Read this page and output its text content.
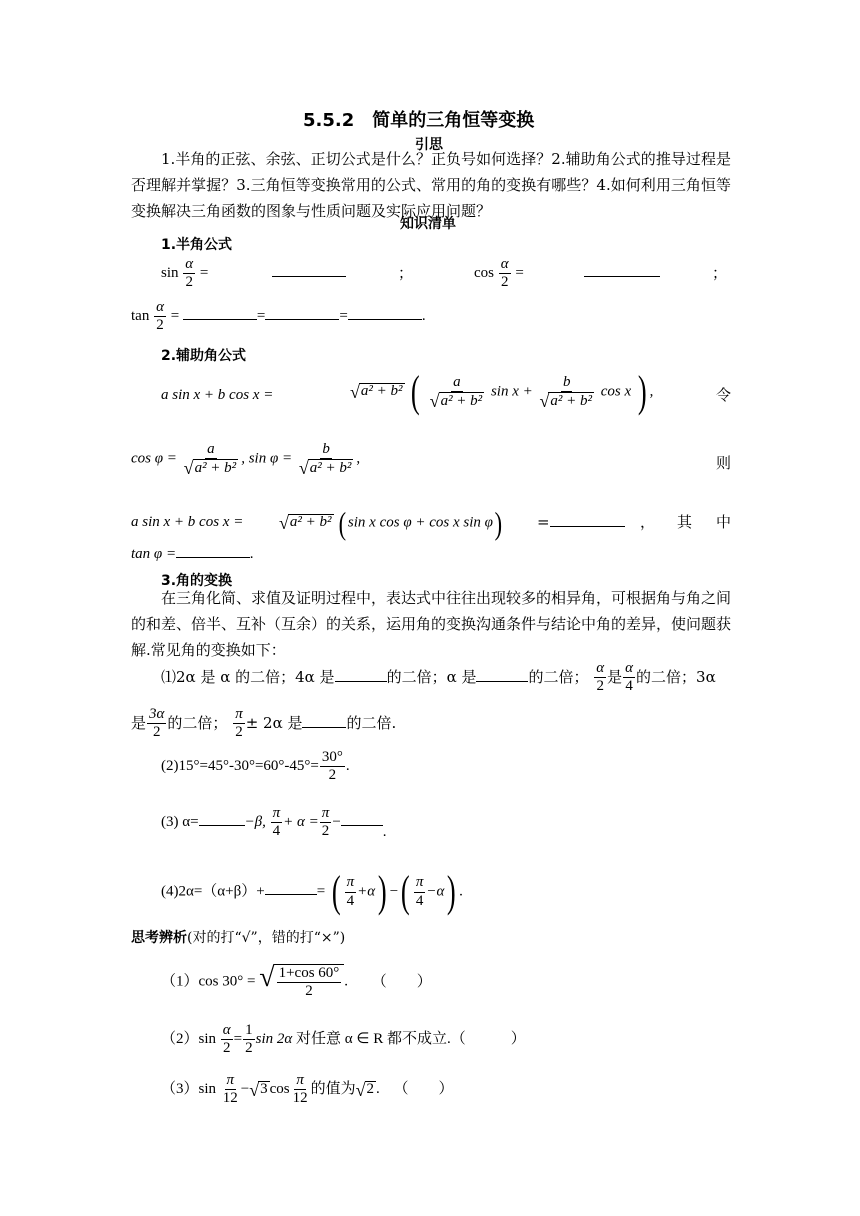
5.5.2　简单的三角恒等变换
引思
1.半角的正弦、余弦、正切公式是什么？正负号如何选择？2.辅助角公式的推导过程是否理解并掌握？3.三角恒等变换常用的公式、常用的角的变换有哪些？4.如何利用三角恒等变换解决三角函数的图象与性质问题及实际应用问题？
知识清单
1.半角公式
$\sin \frac{\alpha}{2}$ =	；	$\cos \frac{\alpha}{2}$ =	；
$\tan \frac{\alpha}{2}$ =	=	=	.
2.辅助角公式
a sin x + b cos x =	√ a² + b² ( $\frac{a}{\text{√ a² + b²}}$ $\sin x + \frac{b}{\text{√ a² + b²}}$ cos x ) ,	令
$\cos \varphi = \frac{a}{\text{√ a² + b²}}$ , $\sin \varphi = \frac{b}{\text{√ a² + b²}}$ ,	则
a sin x + b cos x = √ a² + b² ( sin x cos φ + cos x sin φ) =	， 其 中
tan φ =	.
3.角的变换
在三角化简、求值及证明过程中，表达式中往往出现较多的相异角，可根据角与角之间的和差、倍半、互补（互余）的关系，运用角的变换沟通条件与结论中角的差异，使问题获解.常见角的变换如下：
⑴2α 是 α 的二倍；4α 是	的二倍；α 是	的二倍； $\frac{\alpha}{2}$ 是 $\frac{\alpha}{4}$ 的二倍；3α
是 $\frac{3\alpha}{2}$ 的二倍； $\frac{\pi}{2} \pm 2\alpha$ 是	的二倍.
$(2)15^\circ=45^\circ-30^\circ=60^\circ-45^\circ= \frac{30^\circ}{2}$ .
(3) α=	−β, $\frac{\pi}{4} + \alpha = \frac{\pi}{2}$ −.
(4)2α=（α+β）+	= ( $\frac{\pi}{4} +\alpha$) −( $\frac{\pi}{4} -\alpha$) .
思考辨析(对的打“√”，错的打“×”)
（1）cos 30° = √ $\frac{1+\cos 60^\circ}{2}$ . （　　）
$(2)\sin \frac{\alpha}{2} = \frac{1}{2}$ sin 2α 对任意 α ∈ R 都不成立.（　　　）
$(3)\sin \frac{\pi}{12}$ − √ 3 $\cos \frac{\pi}{12}$ 的值为 √ 2 . （　　）
